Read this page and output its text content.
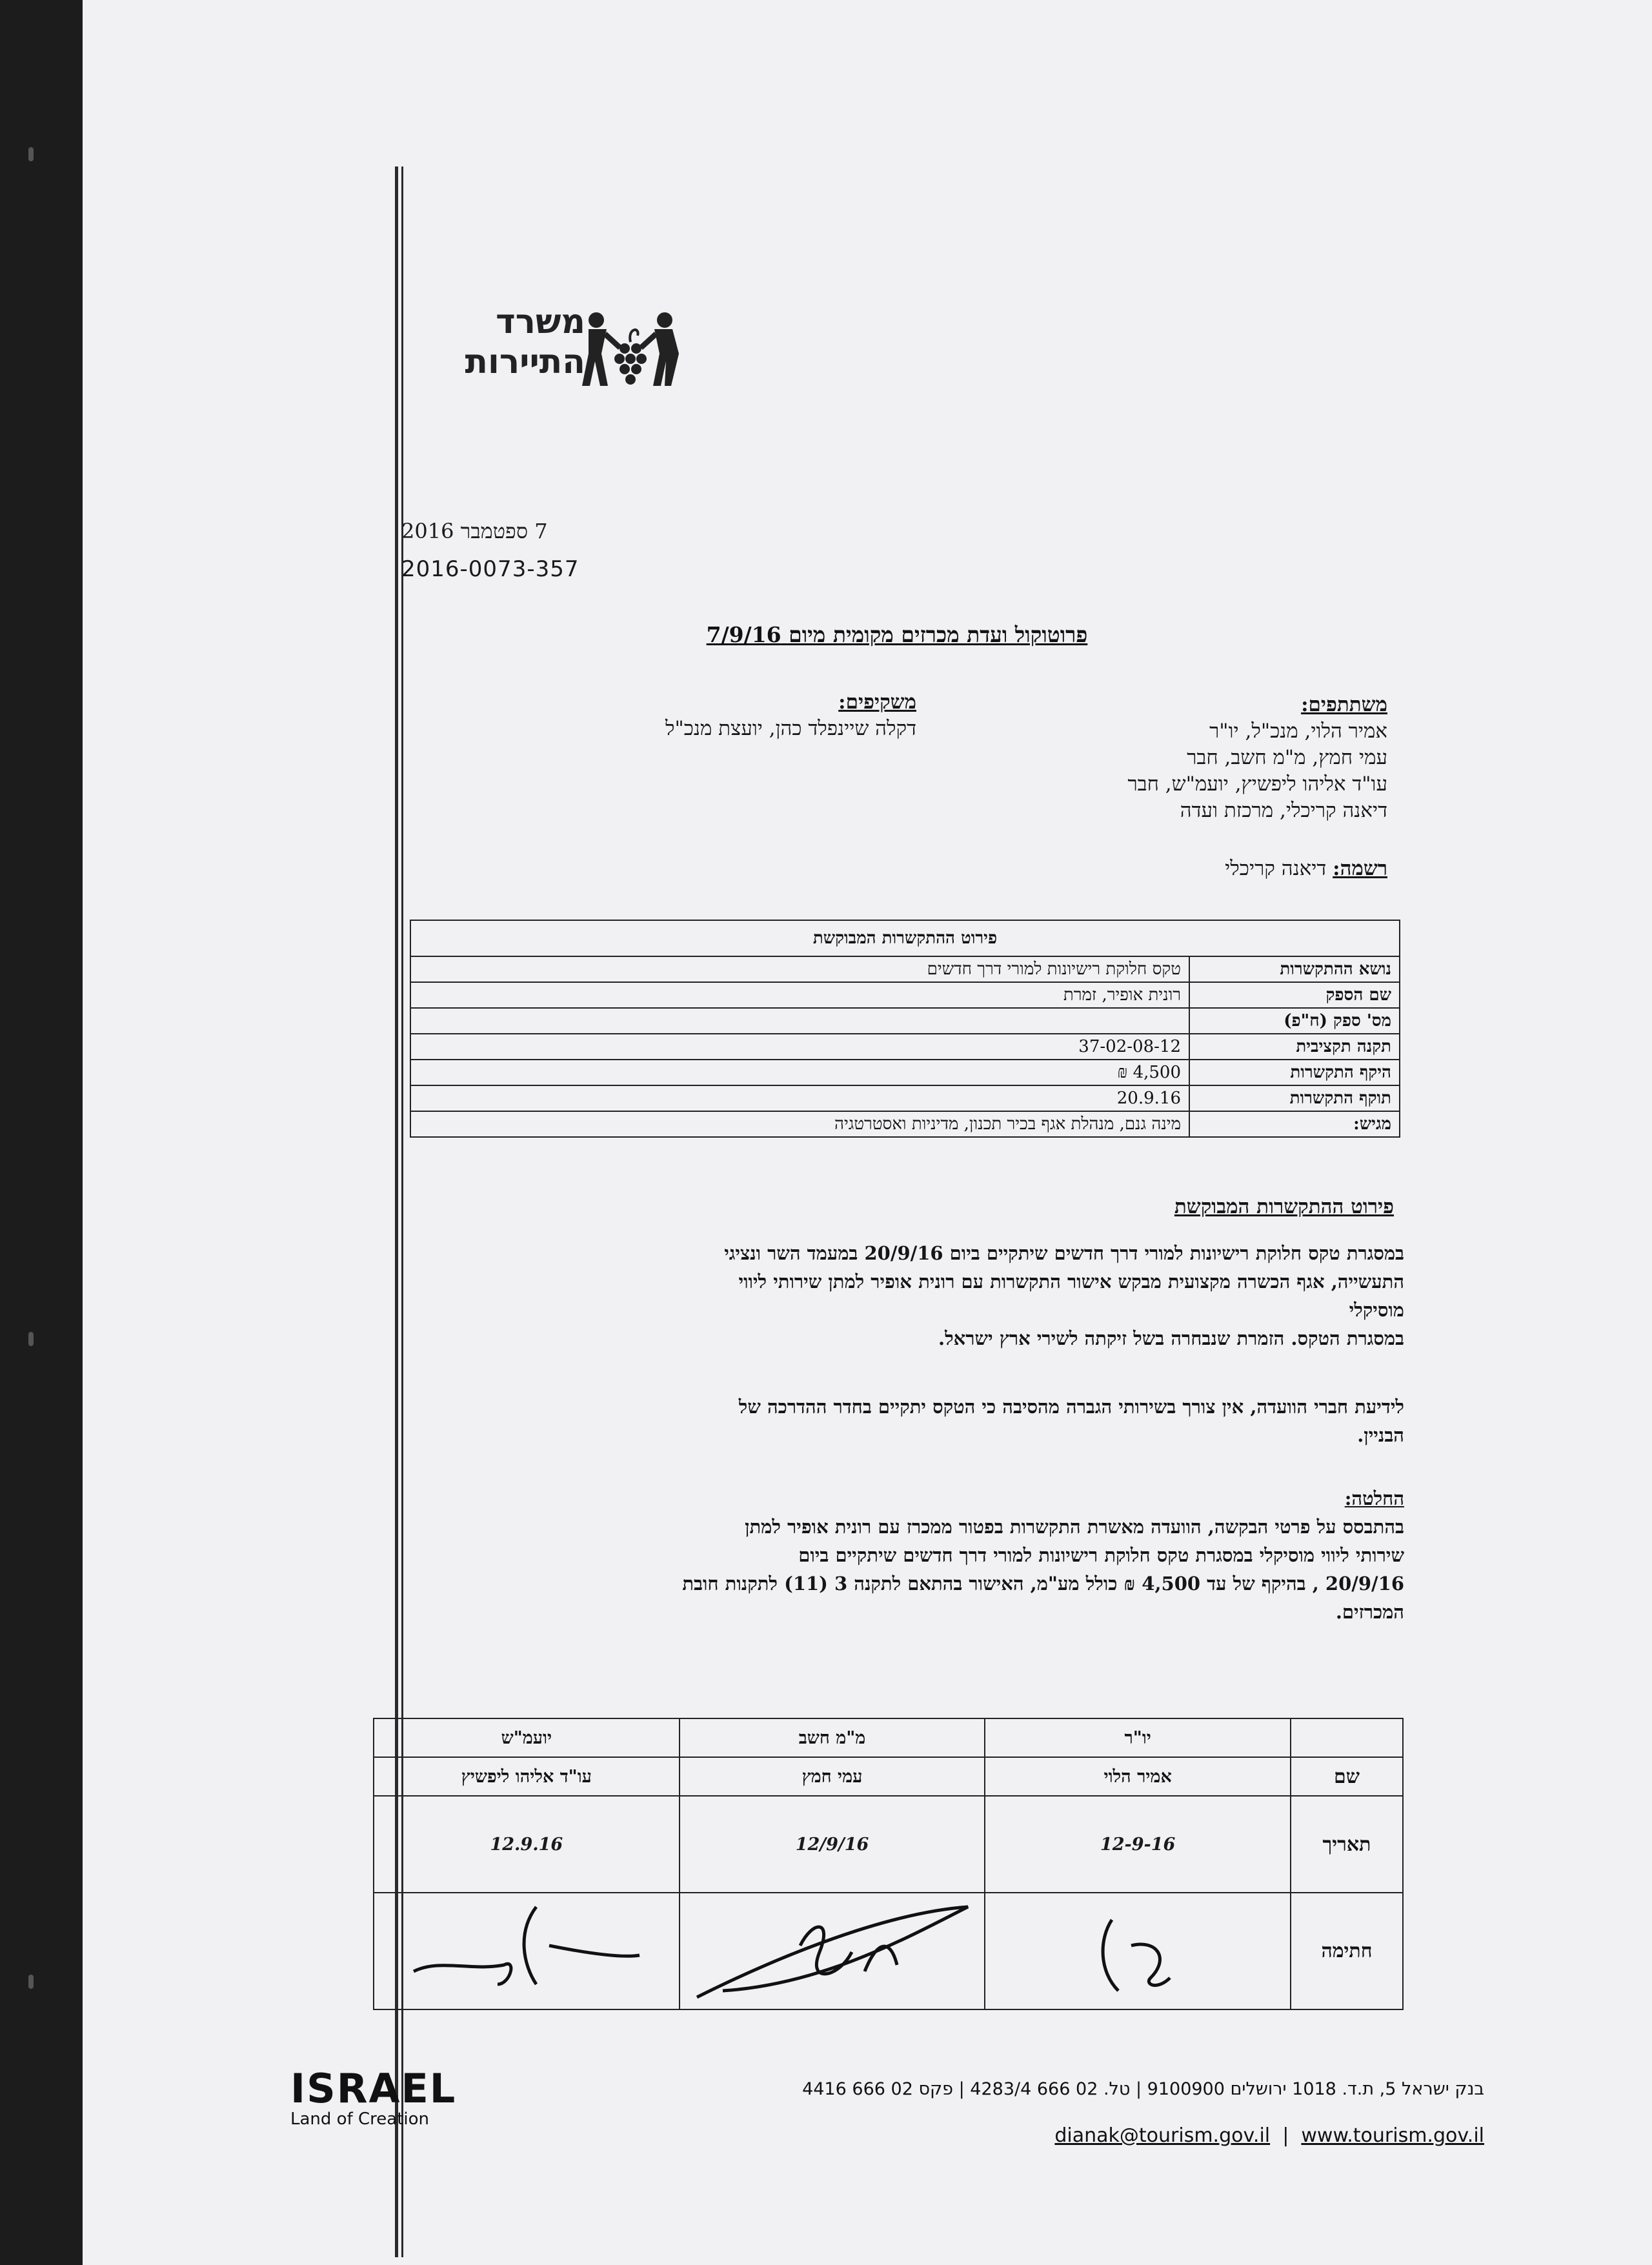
משרד
התיירות
7 ספטמבר 2016
2016-0073-357
פרוטוקול ועדת מכרזים מקומית מיום 7/9/16
משתתפים:
אמיר הלוי, מנכ"ל, יו"ר
עמי חמץ, מ"מ חשב, חבר
עו"ד אליהו ליפשיץ, יועמ"ש, חבר
דיאנה קריכלי, מרכזת ועדה
משקיפים:
דקלה שיינפלד כהן, יועצת מנכ"ל
רשמה: דיאנה קריכלי
פירוט ההתקשרות המבוקשת	
נושא ההתקשרות	טקס חלוקת רישיונות למורי דרך חדשים
שם הספק	רונית אופיר, זמרת
מס' ספק (ח"פ)	
תקנה תקציבית	37-02-08-12
היקף התקשרות	4,500 ₪
תוקף התקשרות	20.9.16
מגיש:	מינה גנם, מנהלת אגף בכיר תכנון, מדיניות ואסטרטגיה
פירוט ההתקשרות המבוקשת

במסגרת טקס חלוקת רישיונות למורי דרך חדשים שיתקיים ביום 20/9/16 במעמד השר ונציגי

התעשייה, אגף הכשרה מקצועית מבקש אישור התקשרות עם רונית אופיר למתן שירותי ליווי

מוסיקלי

במסגרת הטקס. הזמרת שנבחרה בשל זיקתה לשירי ארץ ישראל.

לידיעת חברי הוועדה, אין צורך בשירותי הגברה מהסיבה כי הטקס יתקיים בחדר ההדרכה של

הבניין.

החלטה:

בהתבסס על פרטי הבקשה, הוועדה מאשרת התקשרות בפטור ממכרז עם רונית אופיר למתן

שירותי ליווי מוסיקלי במסגרת טקס חלוקת רישיונות למורי דרך חדשים שיתקיים ביום

20/9/16 , בהיקף של עד 4,500 ₪ כולל מע"מ, האישור בהתאם לתקנה 3 (11) לתקנות חובת

המכרזים.

	יו"ר	מ"מ חשב	יועמ"ש
שם	אמיר הלוי	עמי חמץ	עו"ד אליהו ליפשיץ
תאריך	12-9-16	12/9/16	12.9.16
חתימה			
ISRAEL
Land of Creation
בנק ישראל 5, ת.ד. 1018 ירושלים 9100900 | טל. 02 666 4283/4 | פקס 02 666 4416
dianak@tourism.gov.il  |  www.tourism.gov.il
